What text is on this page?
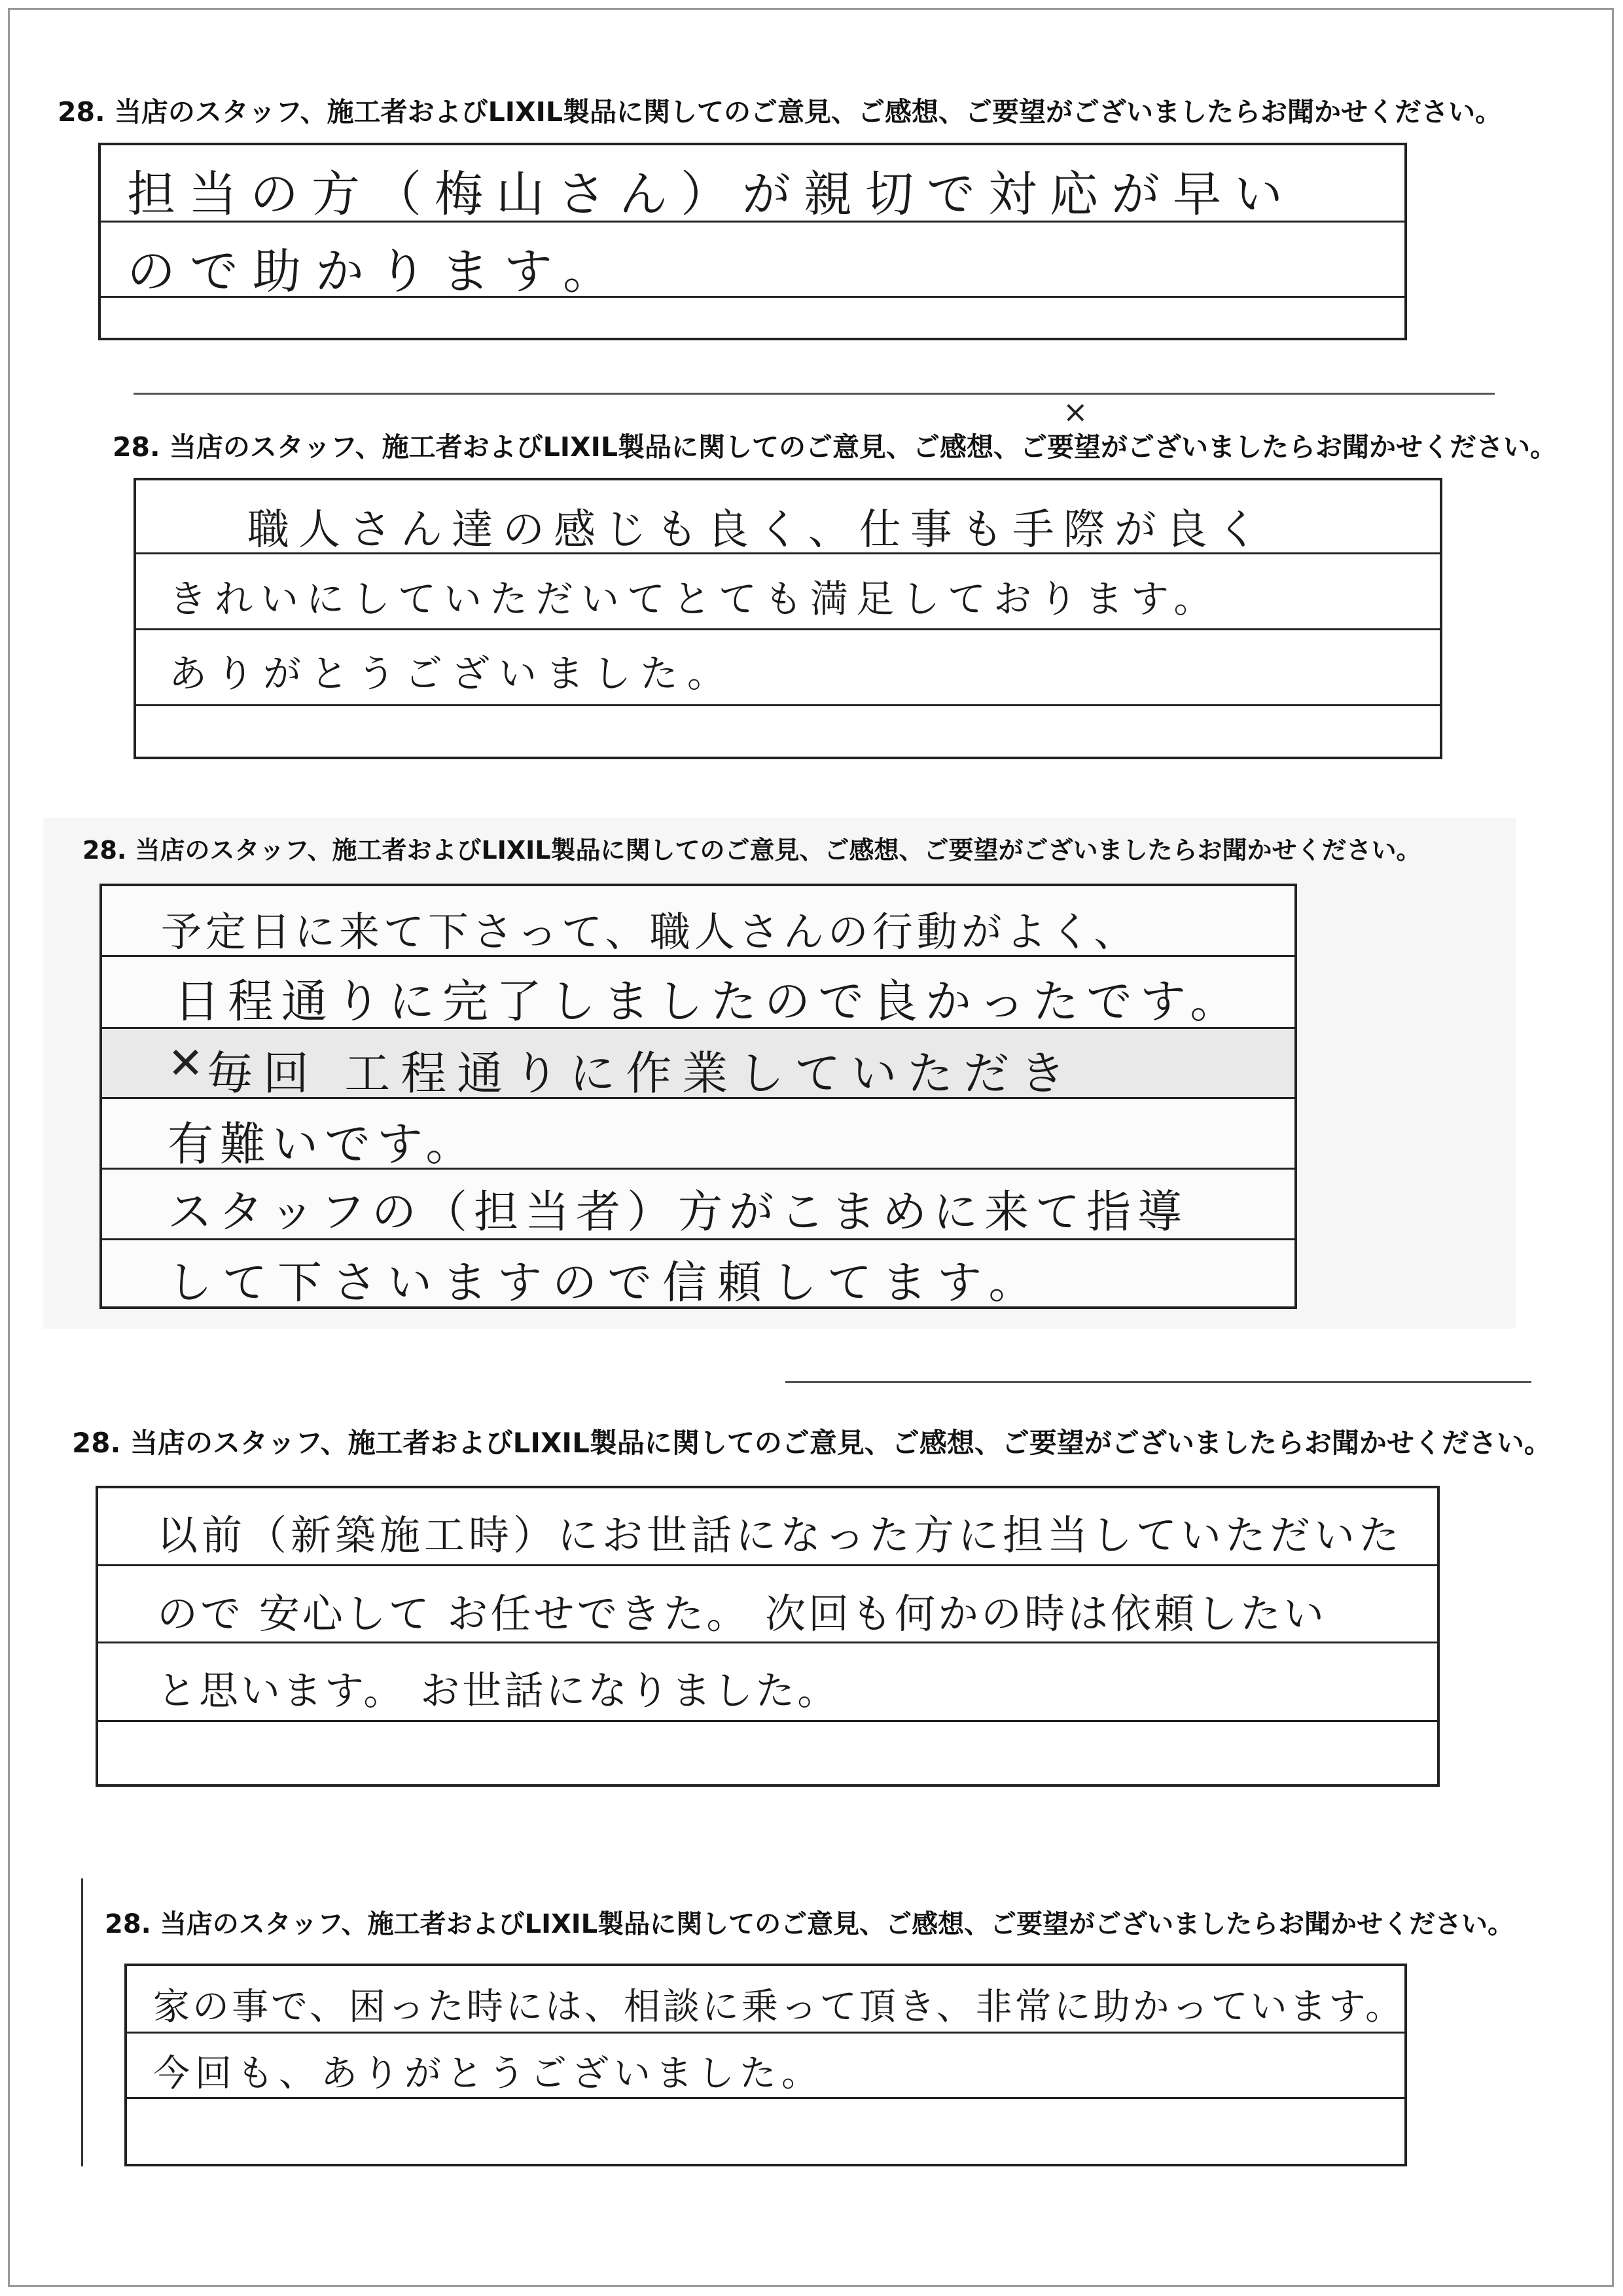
28. 当店のスタッフ、施工者およびLIXIL製品に関してのご意見、ご感想、ご要望がございましたらお聞かせください。
担当の方（梅山さん）が親切で対応が早い
ので助かります。
×
28. 当店のスタッフ、施工者およびLIXIL製品に関してのご意見、ご感想、ご要望がございましたらお聞かせください。
職人さん達の感じも良く、仕事も手際が良く
きれいにしていただいてとても満足しております。
ありがとうございました。
28. 当店のスタッフ、施工者およびLIXIL製品に関してのご意見、ご感想、ご要望がございましたらお聞かせください。
予定日に来て下さって、職人さんの行動がよく、
日程通りに完了しましたので良かったです。
✕ 毎回 工程通りに作業していただき
有難いです。
スタッフの（担当者）方がこまめに来て指導
して下さいますので信頼してます。
28. 当店のスタッフ、施工者およびLIXIL製品に関してのご意見、ご感想、ご要望がございましたらお聞かせください。
以前（新築施工時）にお世話になった方に担当していただいた
ので 安心して お任せできた。 次回も何かの時は依頼したい
と思います。 お世話になりました。
28. 当店のスタッフ、施工者およびLIXIL製品に関してのご意見、ご感想、ご要望がございましたらお聞かせください。
家の事で、困った時には、相談に乗って頂き、非常に助かっています。
今回も、ありがとうございました。
